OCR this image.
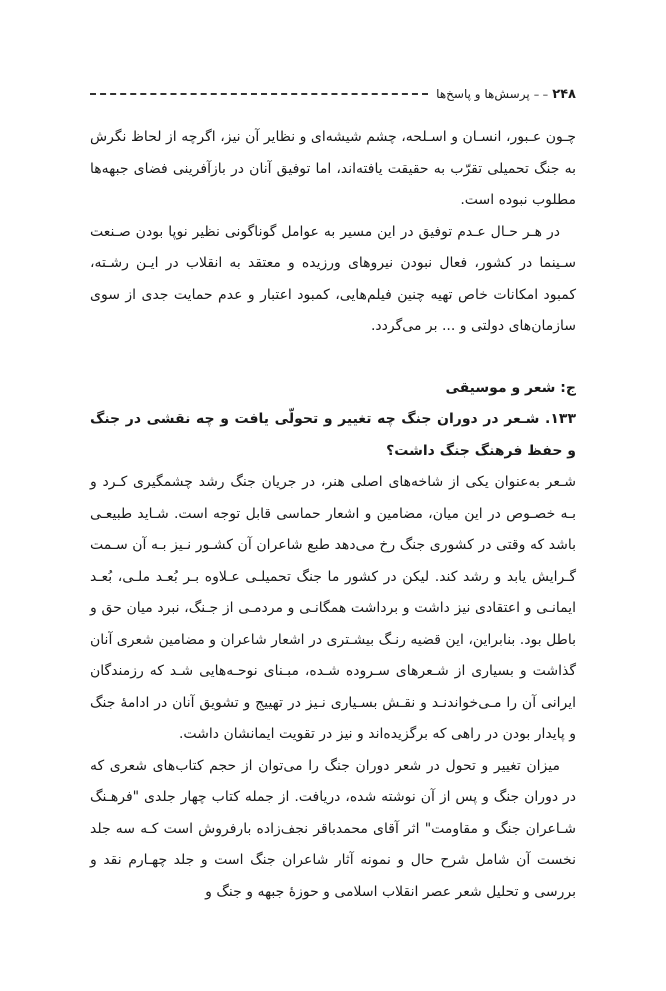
۲۴۸
– –
پرسش‌ها و پاسخ‌ها

چـون عـبور، انسـان و اسـلحه، چشم شیشه‌ای و نظایر آن نیز، اگرچه از لحاظ نگرش به جنگ تحمیلی تقرّب به حقیقت یافته‌اند، اما توفیق آنان در بازآفرینی فضای جبهه‌ها مطلوب نبوده است.

در هـر حـال عـدم توفیق در این مسیر به عوامل گوناگونی نظیر نوپا بودن صـنعت سـینما در کشور، فعال نبودن نیروهای ورزیده و معتقد به انقلاب در ایـن رشـته، کمبود امکانات خاص تهیه چنین فیلم‌هایی، کمبود اعتبار و عدم حمایت جدی از سوی سازمان‌های دولتی و ... بر می‌گردد.

ج: شعر و موسیقی

۱۳۳. شـعر در دوران جنگ چه تغییر و تحولّی یافت و چه نقشی در جنگ و حفظ فرهنگ جنگ داشت؟

شـعر به‌عنوان یکی از شاخه‌های اصلی هنر، در جریان جنگ رشد چشمگیری کـرد و بـه خصـوص در این میان، مضامین و اشعار حماسی قابل توجه است. شـاید طبیعـی باشد که وقتی در کشوری جنگ رخ می‌دهد طبع شاعران آن کشـور نـیز بـه آن سـمت گـرایش یابد و رشد کند. لیکن در کشور ما جنگ تحمیلـی عـلاوه بـر بُعـد ملـی، بُعـد ایمانـی و اعتقادی نیز داشت و برداشت همگانـی و مردمـی از جـنگ، نبرد میان حق و باطل بود. بنابراین، این قضیه رنـگ بیشـتری در اشعار شاعران و مضامین شعری آنان گذاشت و بسیاری از شـعرهای سـروده شـده، مبـنای نوحـه‌هایی شـد که رزمندگان ایرانی آن را مـی‌خواندنـد و نقـش بسـیاری نـیز در تهییج و تشویق آنان در ادامهٔ جنگ و پایدار بودن در راهی که برگزیده‌اند و نیز در تقویت ایمانشان داشت.

میزان تغییر و تحول در شعر دوران جنگ را می‌توان از حجم کتاب‌های شعری که در دوران جنگ و پس از آن نوشته شده، دریافت. از جمله کتاب چهار جلدی "فرهـنگ شـاعران جنگ و مقاومت" اثر آقای محمدباقر نجف‌زاده بارفروش است کـه سه جلد نخست آن شامل شرح حال و نمونه آثار شاعران جنگ است و جلد چهـارم نقد و بررسی و تحلیل شعر عصر انقلاب اسلامی و حوزهٔ جبهه و جنگ و
